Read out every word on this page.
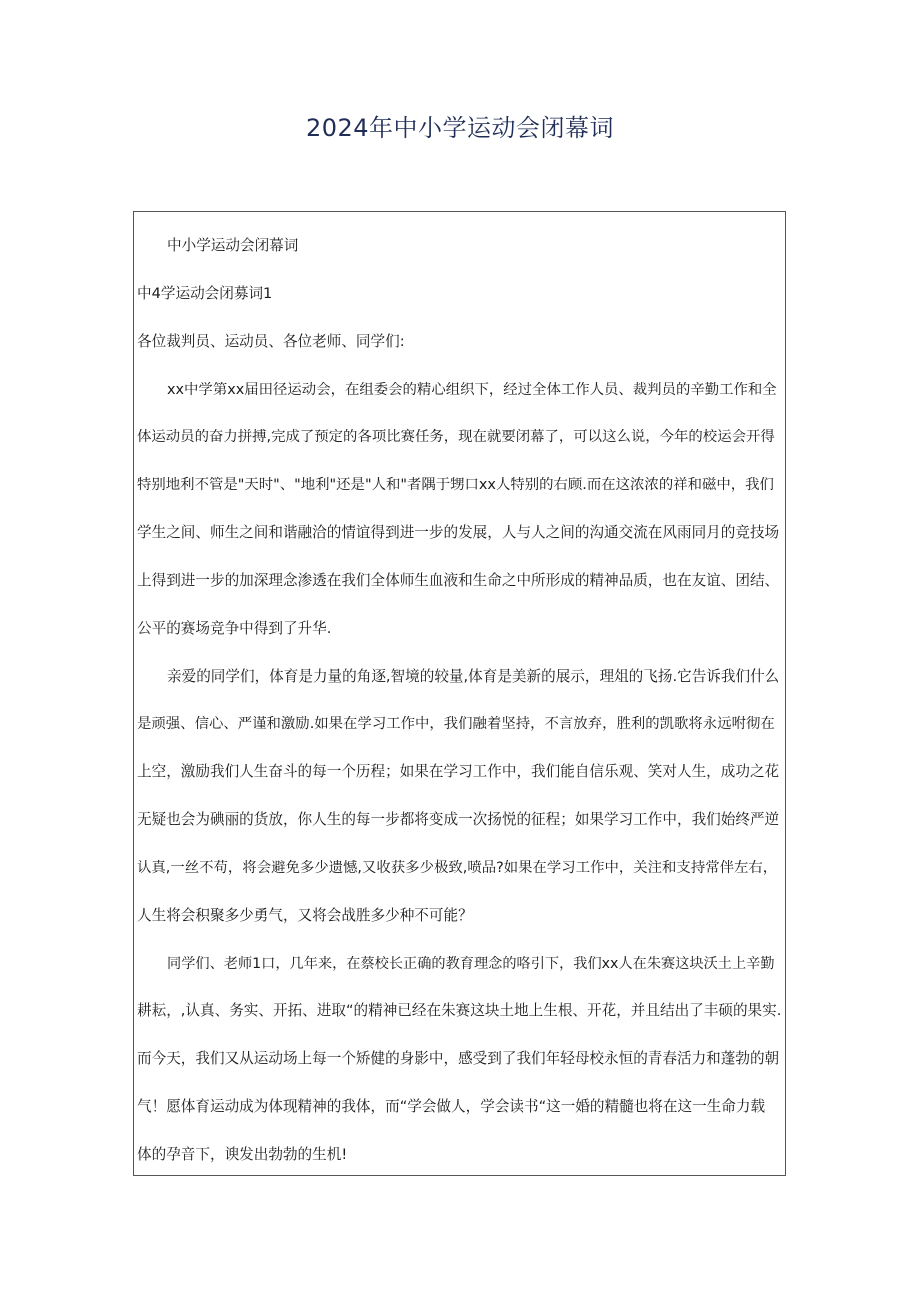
2024年中小学运动会闭幕词
中小学运动会闭幕词
中4学运动会闭募词1
各位裁判员、运动员、各位老师、同学们:
xx中学第xx届田径运动会，在组委会的精心组织下，经过全体工作人员、裁判员的辛勤工作和全
体运动员的奋力拼搏,完成了预定的各项比赛任务，现在就要闭幕了，可以这么说，今年的校运会开得
特别地利不管是"天时"、"地利"还是"人和"者隅于甥口xx人特别的右顾.而在这浓浓的祥和磁中，我们
学生之间、师生之间和谐融洽的情谊得到进一步的发展，人与人之间的沟通交流在风雨同月的竞技场
上得到进一步的加深理念渗透在我们全体师生血液和生命之中所形成的精神品质，也在友谊、团结、
公平的赛场竞争中得到了升华.
亲爱的同学们，体育是力量的角逐,智境的较量,体育是美新的展示，理俎的飞扬.它告诉我们什么
是顽强、信心、严谨和激励.如果在学习工作中，我们融着坚持，不言放弃，胜利的凯歌将永远咐彻在
上空，激励我们人生奋斗的每一个历程；如果在学习工作中，我们能自信乐观、笑对人生，成功之花
无疑也会为碘丽的货放，你人生的每一步都将变成一次扬悦的征程；如果学习工作中，我们始终严逆
认真,一丝不苟，将会避免多少遗憾,又收获多少极致,喷品?如果在学习工作中，关注和支持常伴左右，
人生将会积聚多少勇气，又将会战胜多少种不可能？
同学们、老师1口，几年来，在蔡校长正确的教育理念的咯引下，我们xx人在朱赛这块沃土上辛勤
耕耘，,认真、务实、开拓、进取“的精神已经在朱赛这块土地上生根、开花，并且结出了丰硕的果实.
而今天，我们又从运动场上每一个矫健的身影中，感受到了我们年轻母校永恒的青春活力和蓬勃的朝
气！愿体育运动成为体现精神的我体，而“学会做人，学会读书“这一婚的精髓也将在这一生命力载
体的孕音下，谀发出勃勃的生机!
